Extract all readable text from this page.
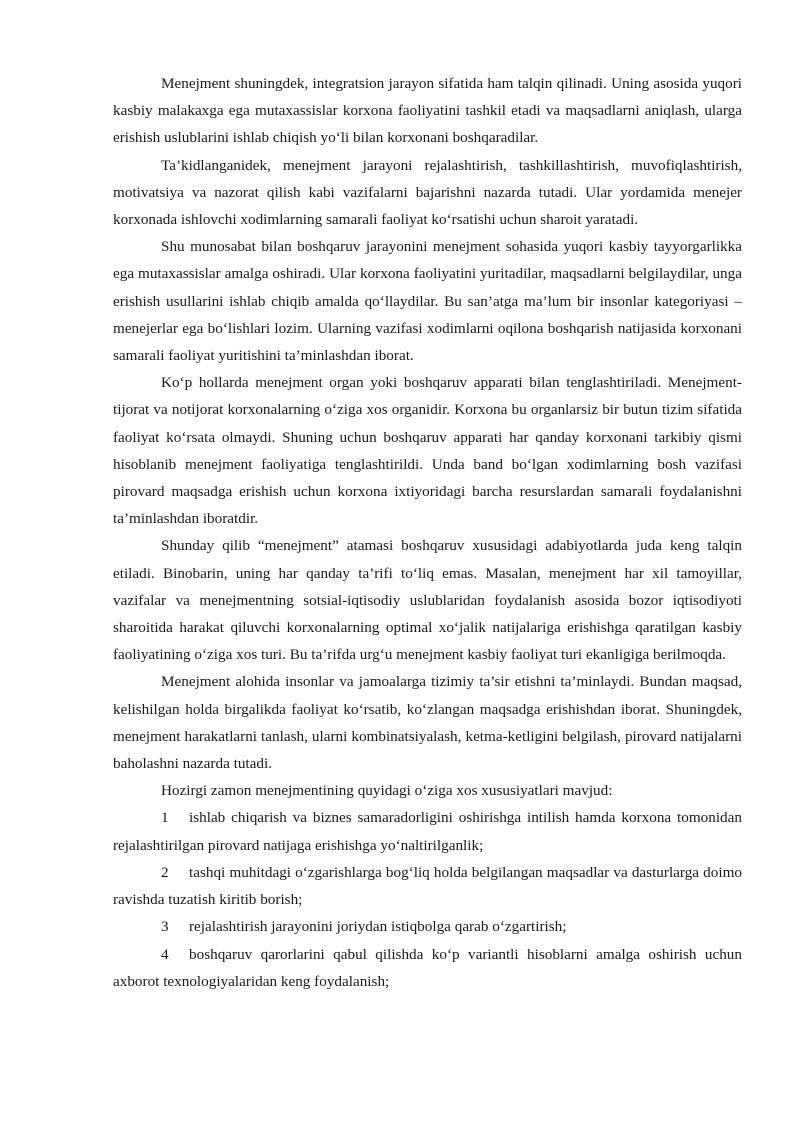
Menejment shuningdek, integratsion jarayon sifatida ham talqin qilinadi. Uning asosida yuqori kasbiy malakaxga ega mutaxassislar korxona faoliyatini tashkil etadi va maqsadlarni aniqlash, ularga erishish uslublarini ishlab chiqish yo‘li bilan korxonani boshqaradilar.

Ta’kidlanganidek, menejment jarayoni rejalashtirish, tashkillashtirish, muvofiqlashtirish, motivatsiya va nazorat qilish kabi vazifalarni bajarishni nazarda tutadi. Ular yordamida menejer korxonada ishlovchi xodimlarning samarali faoliyat ko‘rsatishi uchun sharoit yaratadi.

Shu munosabat bilan boshqaruv jarayonini menejment sohasida yuqori kasbiy tayyorgarlikka ega mutaxassislar amalga oshiradi. Ular korxona faoliyatini yuritadilar, maqsadlarni belgilaydilar, unga erishish usullarini ishlab chiqib amalda qo‘llaydilar. Bu san’atga ma’lum bir insonlar kategoriyasi – menejerlar ega bo‘lishlari lozim. Ularning vazifasi xodimlarni oqilona boshqarish natijasida korxonani samarali faoliyat yuritishini ta’minlashdan iborat.

Ko‘p hollarda menejment organ yoki boshqaruv apparati bilan tenglashtiriladi. Menejment-tijorat va notijorat korxonalarning o‘ziga xos organidir. Korxona bu organlarsiz bir butun tizim sifatida faoliyat ko‘rsata olmaydi. Shuning uchun boshqaruv apparati har qanday korxonani tarkibiy qismi hisoblanib menejment faoliyatiga tenglashtirildi. Unda band bo‘lgan xodimlarning bosh vazifasi pirovard maqsadga erishish uchun korxona ixtiyoridagi barcha resurslardan samarali foydalanishni ta’minlashdan iboratdir.

Shunday qilib “menejment” atamasi boshqaruv xususidagi adabiyotlarda juda keng talqin etiladi. Binobarin, uning har qanday ta’rifi to‘liq emas. Masalan, menejment har xil tamoyillar, vazifalar va menejmentning sotsial-iqtisodiy uslublaridan foydalanish asosida bozor iqtisodiyoti sharoitida harakat qiluvchi korxonalarning optimal xo‘jalik natijalariga erishishga qaratilgan kasbiy faoliyatining o‘ziga xos turi. Bu ta’rifda urg‘u menejment kasbiy faoliyat turi ekanligiga berilmoqda.

Menejment alohida insonlar va jamoalarga tizimiy ta’sir etishni ta’minlaydi. Bundan maqsad, kelishilgan holda birgalikda faoliyat ko‘rsatib, ko‘zlangan maqsadga erishishdan iborat. Shuningdek, menejment harakatlarni tanlash, ularni kombinatsiyalash, ketma-ketligini belgilash, pirovard natijalarni baholashni nazarda tutadi.

Hozirgi zamon menejmentining quyidagi o‘ziga xos xususiyatlari mavjud:

1 ishlab chiqarish va biznes samaradorligini oshirishga intilish hamda korxona tomonidan rejalashtirilgan pirovard natijaga erishishga yo‘naltirilganlik;

2 tashqi muhitdagi o‘zgarishlarga bog‘liq holda belgilangan maqsadlar va dasturlarga doimo ravishda tuzatish kiritib borish;

3 rejalashtirish jarayonini joriydan istiqbolga qarab o‘zgartirish;

4 boshqaruv qarorlarini qabul qilishda ko‘p variantli hisoblarni amalga oshirish uchun axborot texnologiyalaridan keng foydalanish;
